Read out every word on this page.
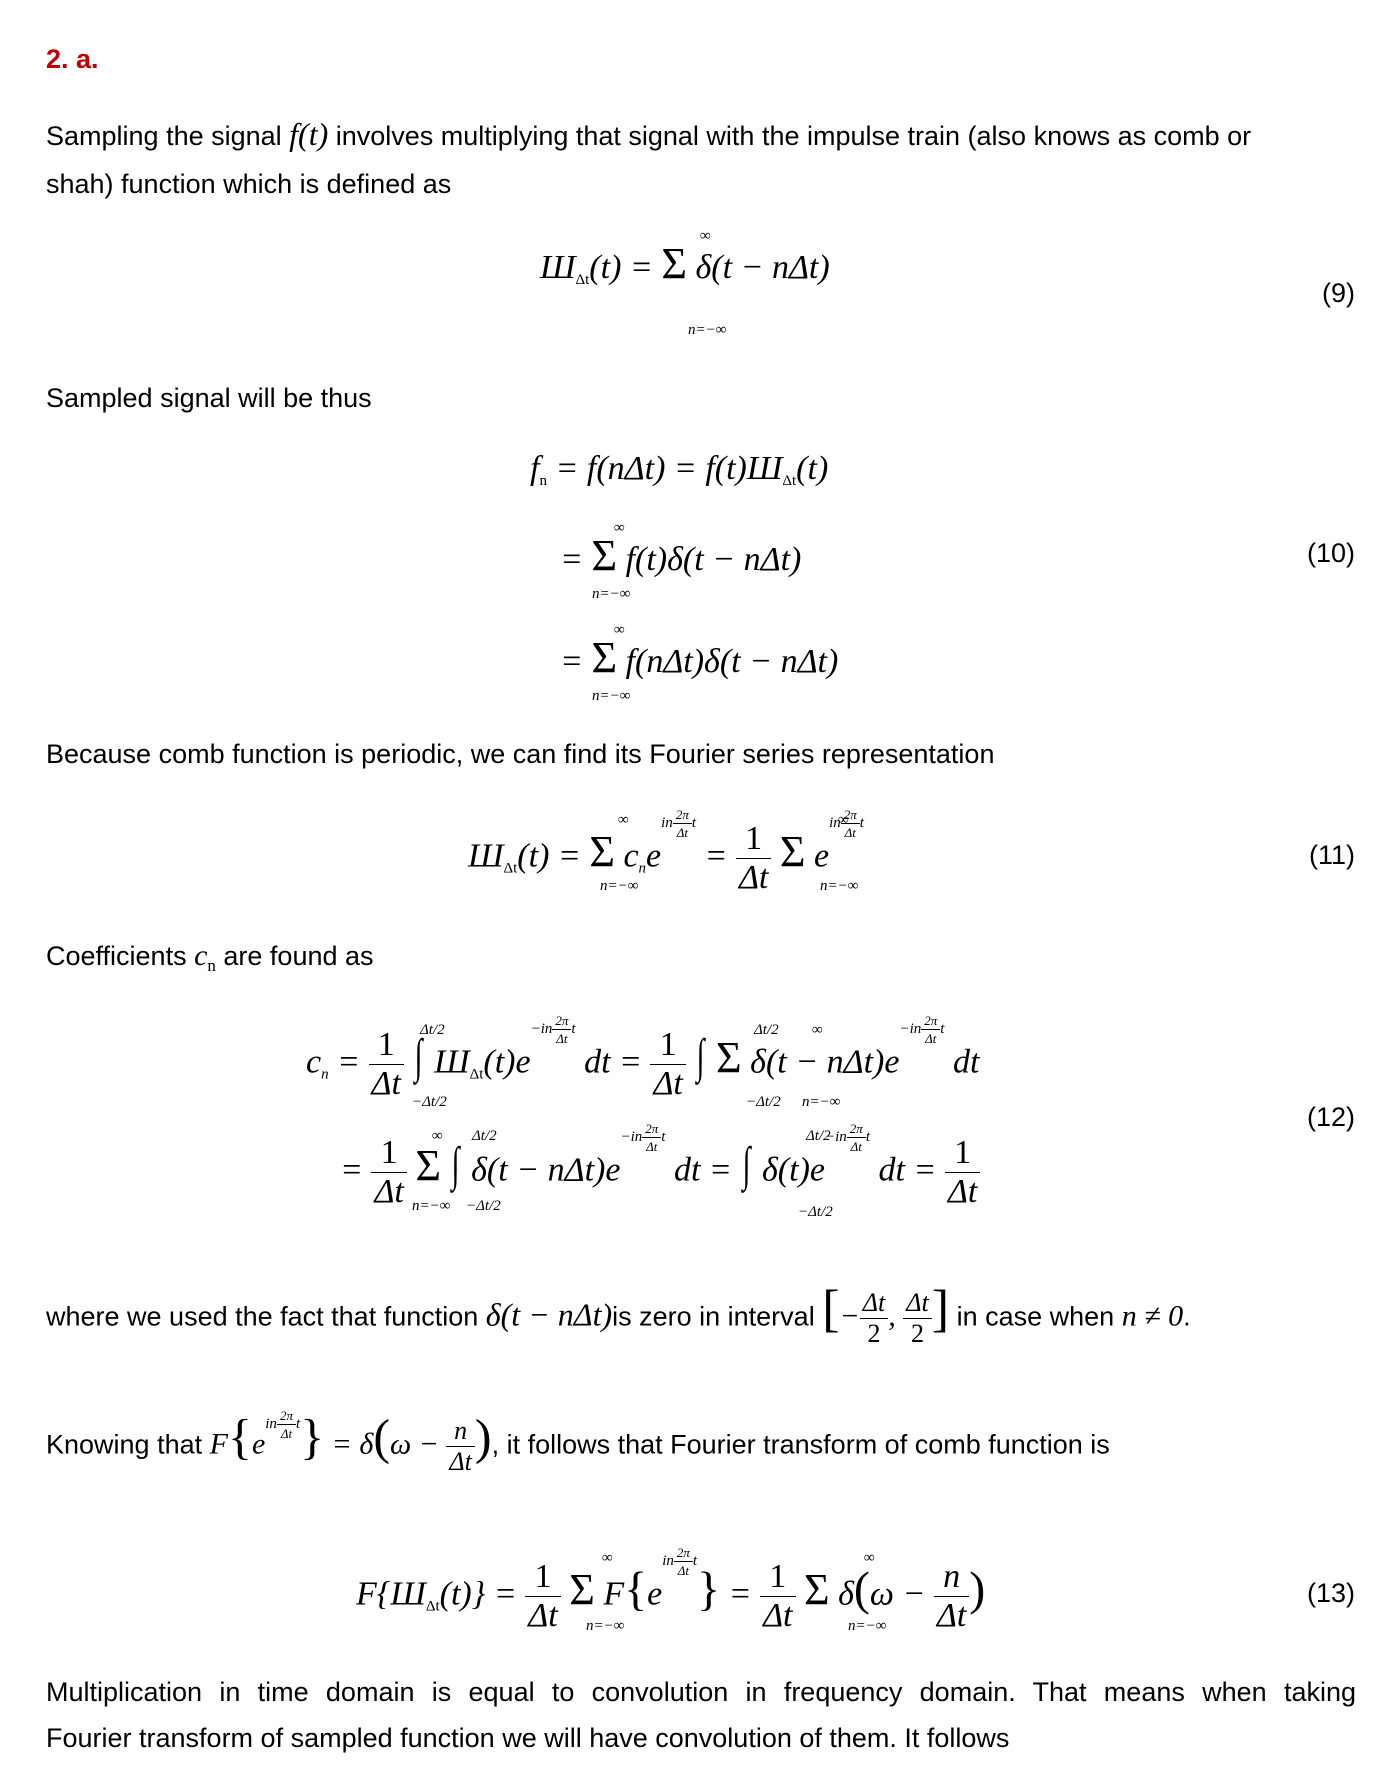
2. a.
Sampling the signal f(t) involves multiplying that signal with the impulse train (also knows as comb or
shah) function which is defined as
$Ш_{\Delta t}(t) = \Sigma$ δ(t − nΔt)
∞
n=−∞
(9)
Sampled signal will be thus
$f_n = f(n\Delta t) = f(t)Ш_{\Delta t}(t)$
= Σ f(t)δ(t − nΔt)
∞
n=−∞
= Σ f(nΔt)δ(t − nΔt)
∞
n=−∞
(10)
Because comb function is periodic, we can find its Fourier series representation
$Ш_{\Delta t}(t) = \Sigma$ $c_nein \frac{2\pi}{\Delta t}$ $t = \frac{1}{\Delta t}$ Σ ein $\frac{2\pi}{\Delta t}$ t
∞
n=−∞
∞
n=−∞
(11)
Coefficients $c_n$ are found as
$c_n = \frac{1}{\Delta t}$ ∫ $Ш_{\Delta t}(t)e-in \frac{2\pi}{\Delta t}$ t dt = $\frac{1}{\Delta t}$ ∫ Σ $\delta(t - n\Delta t)e-in \frac{2\pi}{\Delta t}$ t dt
Δt/2
−Δt/2
Δt/2
−Δt/2
∞
n=−∞
= $\frac{1}{\Delta t}$ Σ ∫ $\delta(t - n\Delta t)e-in \frac{2\pi}{\Delta t}$ t dt = ∫ $\delta(t)e-in \frac{2\pi}{\Delta t}$ t dt = $\frac{1}{\Delta t}$
∞
n=−∞
Δt/2
−Δt/2
Δt/2
−Δt/2
(12)
where we used the fact that function δ(t − nΔt)is zero in interval [− $\frac{\Delta t}{2}$ , $\frac{\Delta t}{2}$ ] in case when n ≠ 0.
Knowing that $F\{ein \frac{2\pi}{\Delta t} t\} = \delta(\omega - \frac{n}{\Delta t}$ ), it follows that Fourier transform of comb function is
$F\{Ш_{\Delta t}(t)\} = \frac{1}{\Delta t}$ Σ $F\{ein \frac{2\pi}{\Delta t} t\} = \frac{1}{\Delta t}$ Σ $\delta(\omega - \frac{n}{\Delta t}$ )
∞
n=−∞
∞
n=−∞
(13)
Multiplication in time domain is equal to convolution in frequency domain. That means when taking
Fourier transform of sampled function we will have convolution of them. It follows
